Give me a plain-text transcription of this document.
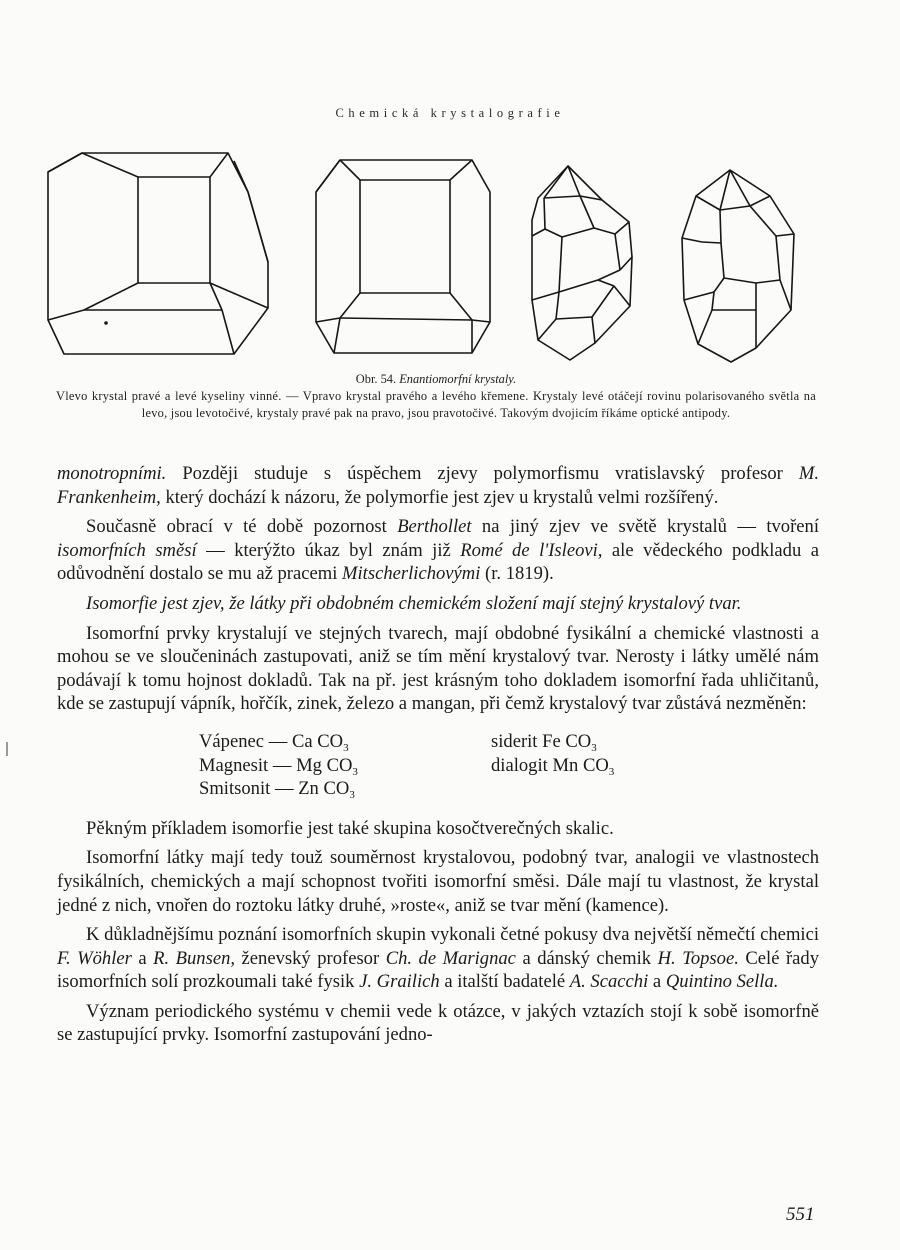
Chemická krystalografie
Obr. 54. Enantiomorfní krystaly.
Vlevo krystal pravé a levé kyseliny vinné. — Vpravo krystal pravého a levého křemene. Krystaly levé otáčejí rovinu polarisovaného světla na levo, jsou levotočivé, krystaly pravé pak na pravo, jsou pravotočivé. Takovým dvojicím říkáme optické antipody.

monotropními. Později studuje s úspěchem zjevy polymorfismu vratislavský profesor M. Frankenheim, který dochází k názoru, že polymorfie jest zjev u krystalů velmi rozšířený.

Současně obrací v té době pozornost Berthollet na jiný zjev ve světě krystalů — tvoření isomorfních směsí — kterýžto úkaz byl znám již Romé de l'Isleovi, ale vědeckého podkladu a odůvodnění dostalo se mu až pracemi Mitscherlichovými (r. 1819).

Isomorfie jest zjev, že látky při obdobném chemickém složení mají stejný krystalový tvar.

Isomorfní prvky krystalují ve stejných tvarech, mají obdobné fysikální a chemické vlastnosti a mohou se ve sloučeninách zastupovati, aniž se tím mění krystalový tvar. Nerosty i látky umělé nám podávají k tomu hojnost dokladů. Tak na př. jest krásným toho dokladem isomorfní řada uhličitanů, kde se zastupují vápník, hořčík, zinek, železo a mangan, při čemž krystalový tvar zůstává nezměněn:

Vápenec — Ca $CO_3$
Magnesit — Mg $CO_3$
Smitsonit — Zn $CO_3$
siderit Fe $CO_3$
dialogit Mn $CO_3$

Pěkným příkladem isomorfie jest také skupina kosočtverečných skalic.

Isomorfní látky mají tedy touž souměrnost krystalovou, podobný tvar, analogii ve vlastnostech fysikálních, chemických a mají schopnost tvořiti isomorfní směsi. Dále mají tu vlastnost, že krystal jedné z nich, vnořen do roztoku látky druhé, »roste«, aniž se tvar mění (kamence).

K důkladnějšímu poznání isomorfních skupin vykonali četné pokusy dva největší němečtí chemici F. Wöhler a R. Bunsen, ženevský profesor Ch. de Marignac a dánský chemik H. Topsoe. Celé řady isomorfních solí prozkoumali také fysik J. Grailich a italští badatelé A. Scacchi a Quintino Sella.

Význam periodického systému v chemii vede k otázce, v jakých vztazích stojí k sobě isomorfně se zastupující prvky. Isomorfní zastupování jedno-

551
